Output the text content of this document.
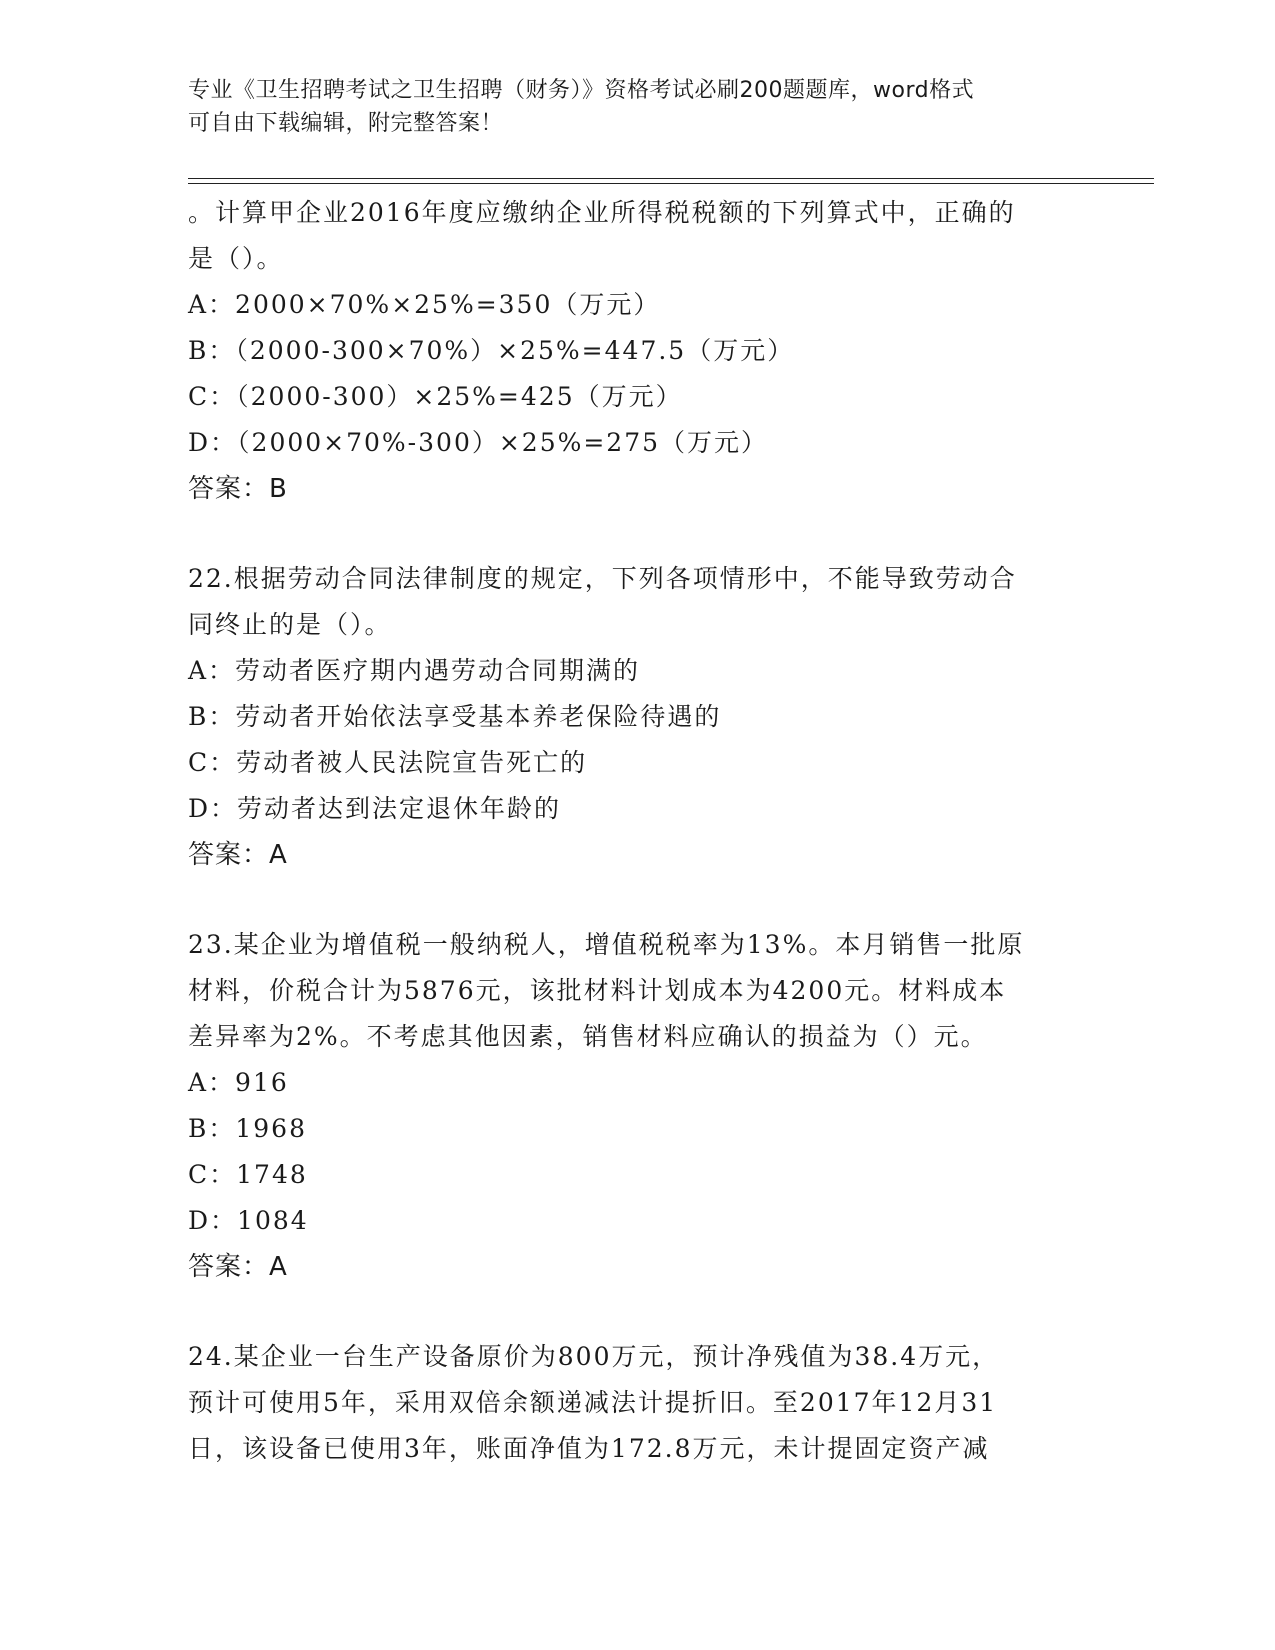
专业《卫生招聘考试之卫生招聘（财务）》资格考试必刷200题题库，word格式
可自由下载编辑，附完整答案！

。计算甲企业2016年度应缴纳企业所得税税额的下列算式中，正确的

是（）。

A：2000×70%×25%=350（万元）

B：（2000-300×70%）×25%=447.5（万元）

C：（2000-300）×25%=425（万元）

D：（2000×70%-300）×25%=275（万元）

答案：B

22.根据劳动合同法律制度的规定，下列各项情形中，不能导致劳动合

同终止的是（）。

A：劳动者医疗期内遇劳动合同期满的

B：劳动者开始依法享受基本养老保险待遇的

C：劳动者被人民法院宣告死亡的

D：劳动者达到法定退休年龄的

答案：A

23.某企业为增值税一般纳税人，增值税税率为13%。本月销售一批原

材料，价税合计为5876元，该批材料计划成本为4200元。材料成本

差异率为2%。不考虑其他因素，销售材料应确认的损益为（）元。

A：916

B：1968

C：1748

D：1084

答案：A

24.某企业一台生产设备原价为800万元，预计净残值为38.4万元，

预计可使用5年，采用双倍余额递减法计提折旧。至2017年12月31

日，该设备已使用3年，账面净值为172.8万元，未计提固定资产减
